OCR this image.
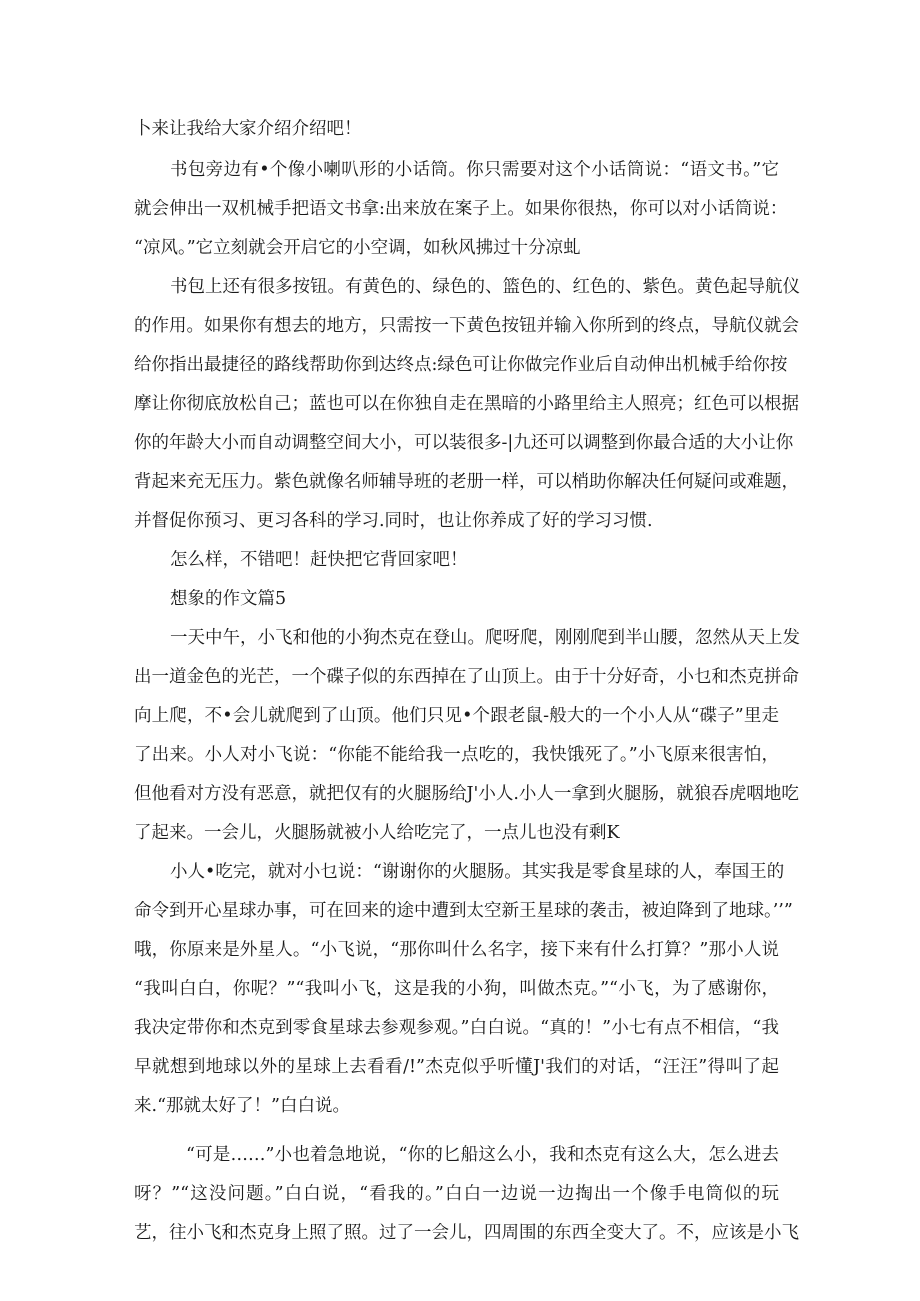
卜来让我给大家介绍介绍吧！
书包旁边有•个像小喇叭形的小话筒。你只需要对这个小话筒说：“语文书。”它
就会伸出一双机械手把语文书拿:出来放在案子上。如果你很热，你可以对小话筒说：
“凉风。”它立刻就会开启它的小空调，如秋风拂过十分凉虬
书包上还有很多按钮。有黄色的、绿色的、篮色的、红色的、紫色。黄色起导航仪
的作用。如果你有想去的地方，只需按一下黄色按钮并输入你所到的终点，导航仪就会
给你指出最捷径的路线帮助你到达终点:绿色可让你做完作业后自动伸出机械手给你按
摩让你彻底放松自己；蓝也可以在你独自走在黑暗的小路里给主人照亮；红色可以根据
你的年龄大小而自动调整空间大小，可以装很多-|九还可以调整到你最合适的大小让你
背起来充无压力。紫色就像名师辅导班的老册一样，可以梢助你解决任何疑问或难题，
并督促你预习、更习各科的学习.同时，也让你养成了好的学习习惯.
怎么样，不错吧！赶快把它背回家吧！
想象的作文篇5
一天中午，小飞和他的小狗杰克在登山。爬呀爬，刚刚爬到半山腰，忽然从天上发
出一道金色的光芒，一个碟子似的东西掉在了山顶上。由于十分好奇，小乜和杰克拼命
向上爬，不•会儿就爬到了山顶。他们只见•个跟老鼠-般大的一个小人从“碟子”里走
了出来。小人对小飞说：“你能不能给我一点吃的，我快饿死了。”小飞原来很害怕，
但他看对方没有恶意，就把仅有的火腿肠给J'小人.小人一拿到火腿肠，就狼吞虎咽地吃
了起来。一会儿，火腿肠就被小人给吃完了，一点儿也没有剩K
小人•吃完，就对小乜说：“谢谢你的火腿肠。其实我是零食星球的人，奉国王的
命令到开心星球办事，可在回来的途中遭到太空新王星球的袭击，被迫降到了地球。’’”
哦，你原来是外星人。“小飞说，“那你叫什么名字，接下来有什么打算？”那小人说
“我叫白白，你呢？”“我叫小飞，这是我的小狗，叫做杰克。”“小飞，为了感谢你，
我决定带你和杰克到零食星球去参观参观。”白白说。“真的！”小七有点不相信，“我
早就想到地球以外的星球上去看看/!”杰克似乎听懂J'我们的对话，“汪汪”得叫了起
来.“那就太好了！”白白说。
“可是……”小也着急地说，“你的匕船这么小，我和杰克有这么大，怎么进去
呀？”“这没问题。”白白说，“看我的。”白白一边说一边掏出一个像手电筒似的玩
艺，往小飞和杰克身上照了照。过了一会儿，四周围的东西全变大了。不，应该是小飞
